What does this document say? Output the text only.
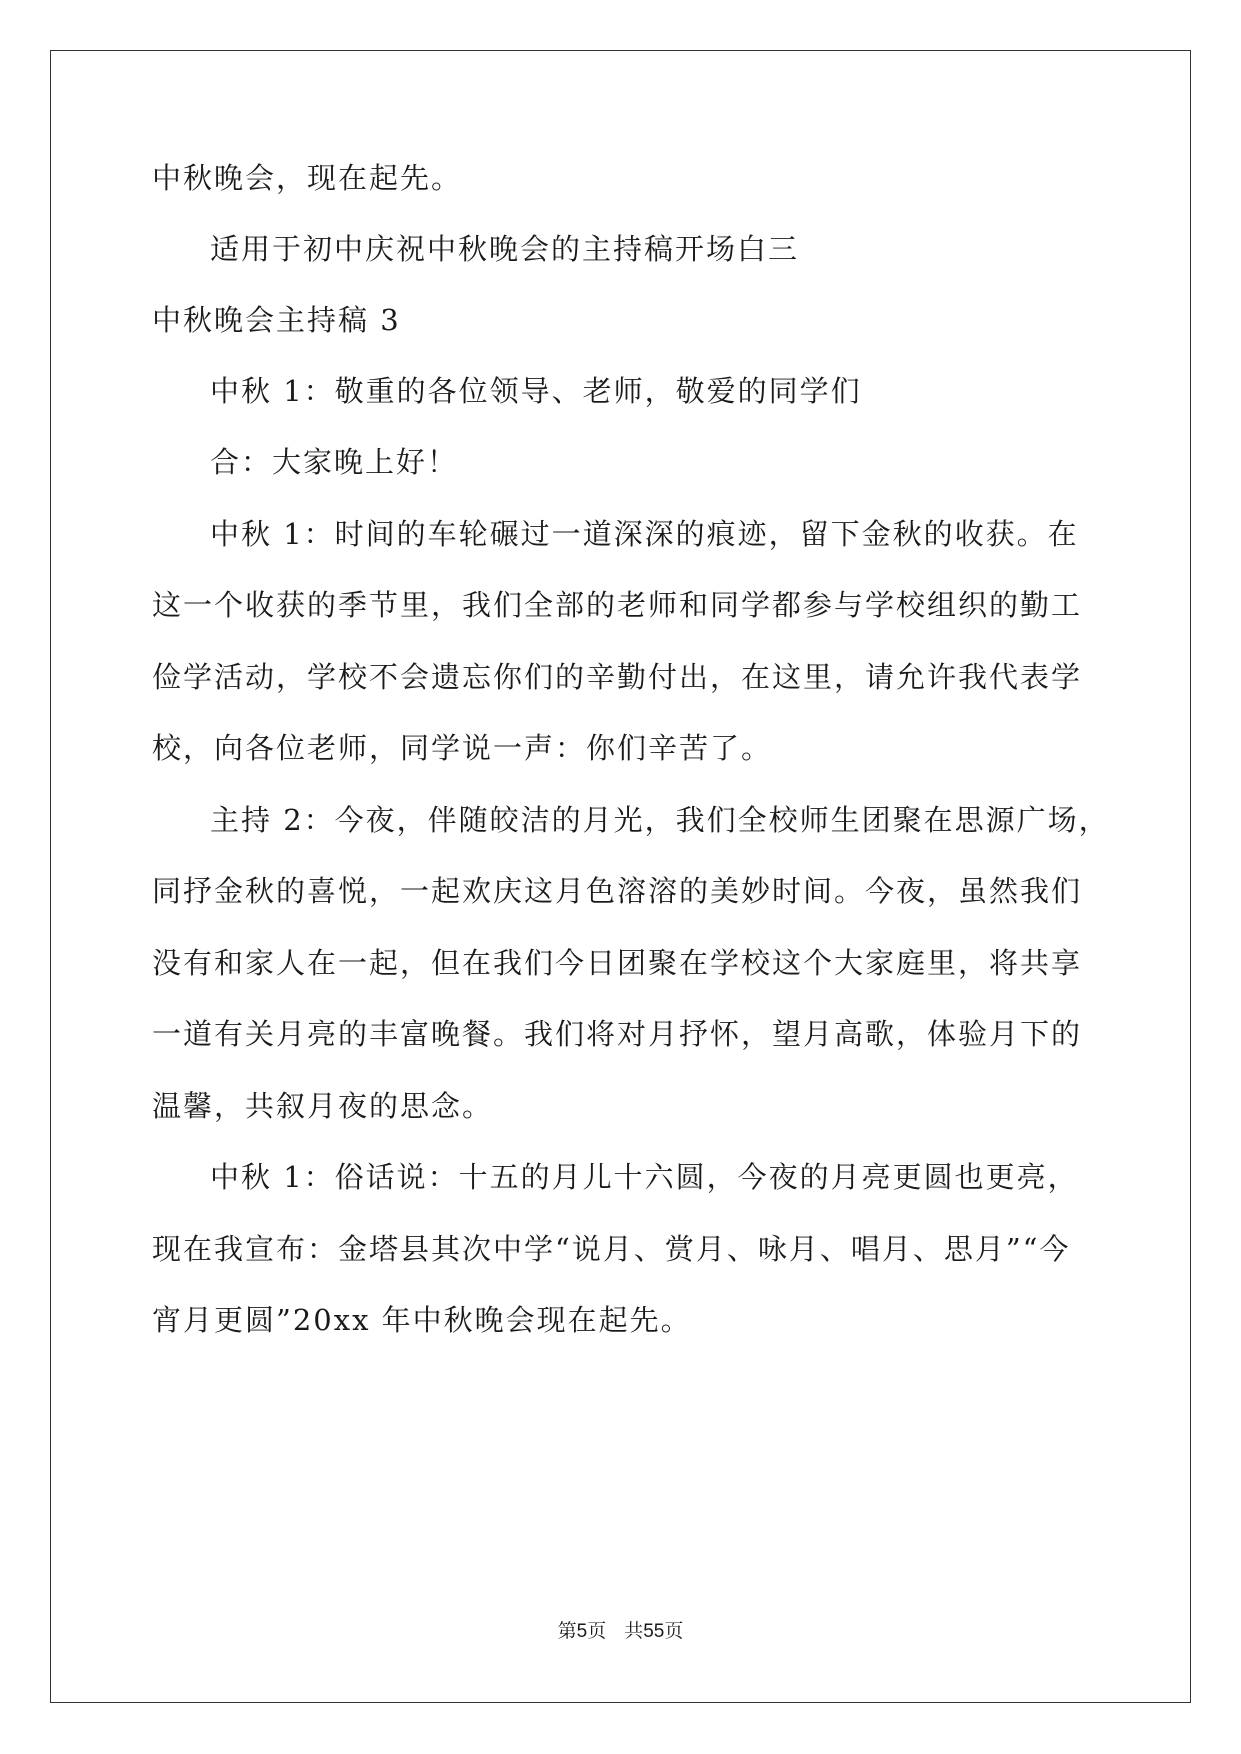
中秋晚会，现在起先。
适用于初中庆祝中秋晚会的主持稿开场白三
中秋晚会主持稿 3
中秋 1：敬重的各位领导、老师，敬爱的同学们
合：大家晚上好！
中秋 1：时间的车轮碾过一道深深的痕迹，留下金秋的收获。在
这一个收获的季节里，我们全部的老师和同学都参与学校组织的勤工
俭学活动，学校不会遗忘你们的辛勤付出，在这里，请允许我代表学
校，向各位老师，同学说一声：你们辛苦了。
主持 2：今夜，伴随皎洁的月光，我们全校师生团聚在思源广场，
同抒金秋的喜悦，一起欢庆这月色溶溶的美妙时间。今夜，虽然我们
没有和家人在一起，但在我们今日团聚在学校这个大家庭里，将共享
一道有关月亮的丰富晚餐。我们将对月抒怀，望月高歌，体验月下的
温馨，共叙月夜的思念。
中秋 1：俗话说：十五的月儿十六圆，今夜的月亮更圆也更亮，
现在我宣布：金塔县其次中学“说月、赏月、咏月、唱月、思月”“今
宵月更圆”20xx 年中秋晚会现在起先。
第5页 共55页
